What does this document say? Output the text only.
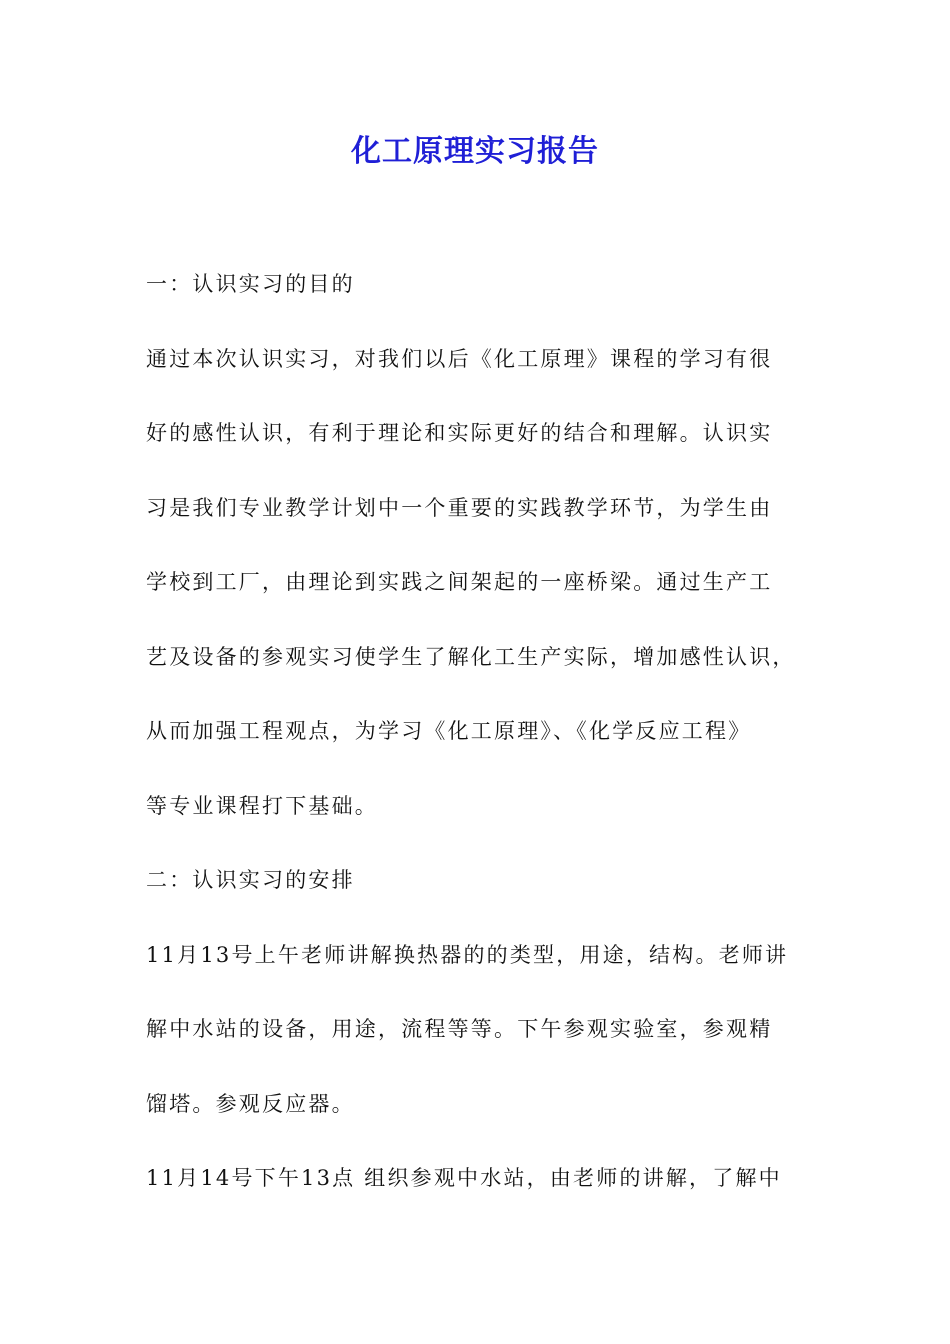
化工原理实习报告
一：认识实习的目的
通过本次认识实习，对我们以后《化工原理》课程的学习有很
好的感性认识，有利于理论和实际更好的结合和理解。认识实
习是我们专业教学计划中一个重要的实践教学环节，为学生由
学校到工厂，由理论到实践之间架起的一座桥梁。通过生产工
艺及设备的参观实习使学生了解化工生产实际，增加感性认识，
从而加强工程观点，为学习《化工原理》、《化学反应工程》
等专业课程打下基础。
二：认识实习的安排
11月13号上午老师讲解换热器的的类型，用途，结构。老师讲
解中水站的设备，用途，流程等等。下午参观实验室，参观精
馏塔。参观反应器。
11月14号下午13点 组织参观中水站，由老师的讲解，了解中
